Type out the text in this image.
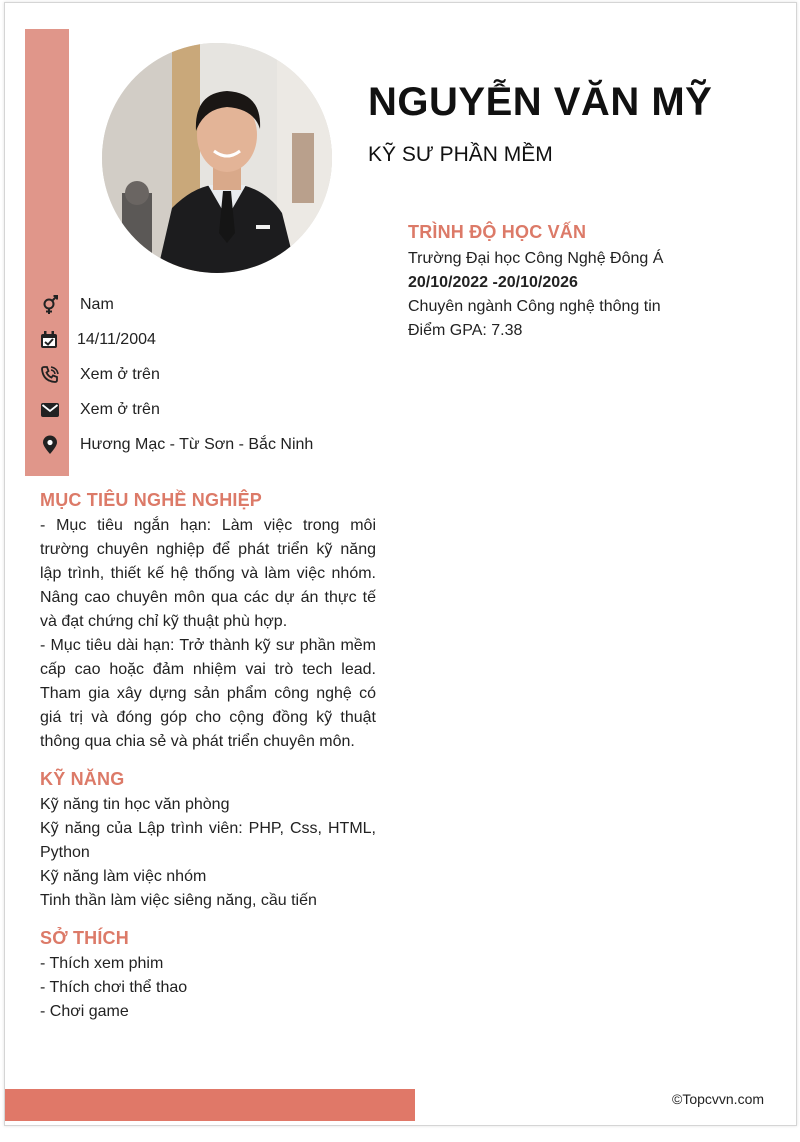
NGUYỄN VĂN MỸ
KỸ SƯ PHẦN MỀM
Nam
14/11/2004
Xem ở trên
Xem ở trên
Hương Mạc - Từ Sơn - Bắc Ninh
TRÌNH ĐỘ HỌC VẤN
Trường Đại học Công Nghệ Đông Á
20/10/2022 -20/10/2026
Chuyên ngành Công nghệ thông tin
Điểm GPA: 7.38
MỤC TIÊU NGHỀ NGHIỆP

- Mục tiêu ngắn hạn: Làm việc trong môi trường chuyên nghiệp để phát triển kỹ năng lập trình, thiết kế hệ thống và làm việc nhóm. Nâng cao chuyên môn qua các dự án thực tế và đạt chứng chỉ kỹ thuật phù hợp.

- Mục tiêu dài hạn: Trở thành kỹ sư phần mềm cấp cao hoặc đảm nhiệm vai trò tech lead. Tham gia xây dựng sản phẩm công nghệ có giá trị và đóng góp cho cộng đồng kỹ thuật thông qua chia sẻ và phát triển chuyên môn.

KỸ NĂNG
Kỹ năng tin học văn phòng
Kỹ năng của Lập trình viên: PHP, Css, HTML, Python
Kỹ năng làm việc nhóm
Tinh thần làm việc siêng năng, cầu tiến
SỞ THÍCH
- Thích xem phim
- Thích chơi thể thao
- Chơi game
©Topcvvn.com
